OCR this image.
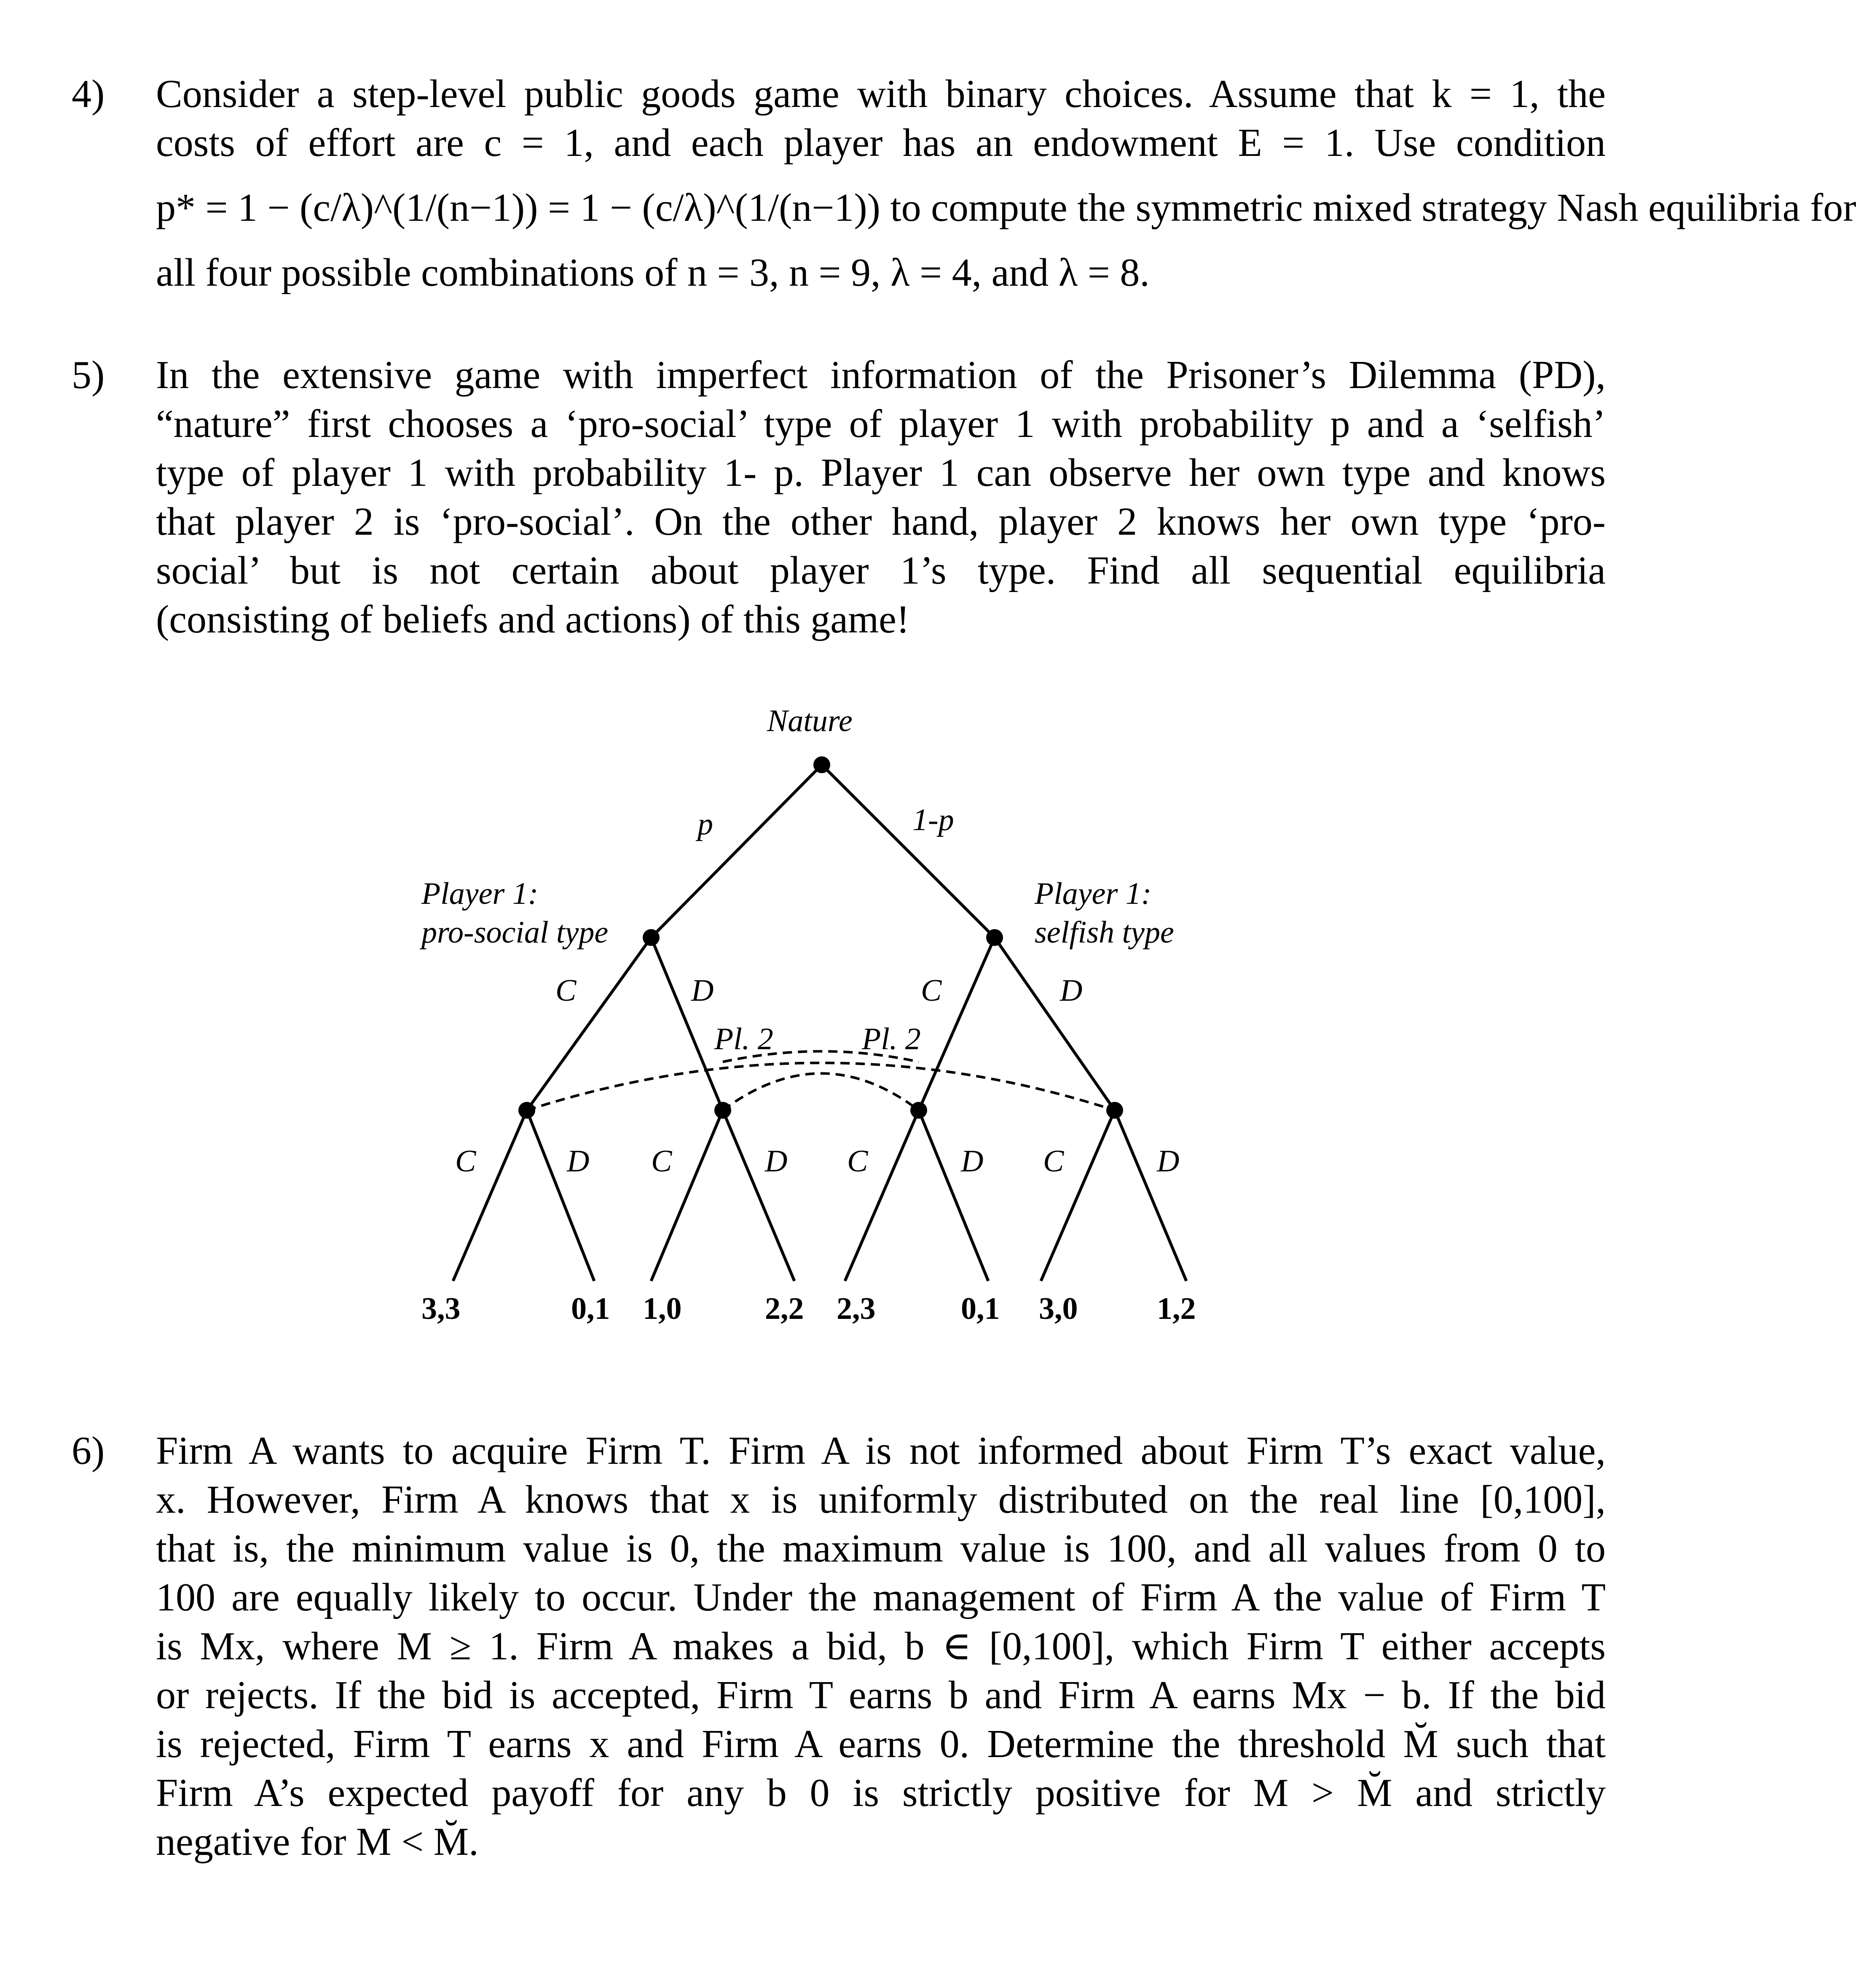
4) Consider a step-level public goods game with binary choices. Assume that k = 1, the
costs of effort are c = 1, and each player has an endowment E = 1. Use condition
p* = 1 − (c/λ)^(1/(n−1)) = 1 − (c/λ)^(1/(n−1)) to compute the symmetric mixed strategy Nash equilibria for
all four possible combinations of n = 3, n = 9, λ = 4, and λ = 8.
5) In the extensive game with imperfect information of the Prisoner’s Dilemma (PD),
“nature” first chooses a ‘pro-social’ type of player 1 with probability p and a ‘selfish’
type of player 1 with probability 1- p. Player 1 can observe her own type and knows
that player 2 is ‘pro-social’. On the other hand, player 2 knows her own type ‘pro-
social’ but is not certain about player 1’s type. Find all sequential equilibria
(consisting of beliefs and actions) of this game!
Nature
p	1-p
Player 1:
pro-social type
Player 1:
selfish type
C	D	C	D
Pl. 2	Pl. 2
C	D C	D C	D C	D
3,3	0,1 1,0	2,2 2,3	0,1 3,0	1,2
6) Firm A wants to acquire Firm T. Firm A is not informed about Firm T’s exact value,
x. However, Firm A knows that x is uniformly distributed on the real line [0,100],
that is, the minimum value is 0, the maximum value is 100, and all values from 0 to
100 are equally likely to occur. Under the management of Firm A the value of Firm T
is Mx, where M ≥ 1. Firm A makes a bid, b ∈ [0,100], which Firm T either accepts
or rejects. If the bid is accepted, Firm T earns b and Firm A earns Mx − b. If the bid
is rejected, Firm T earns x and Firm A earns 0. Determine the threshold M̆ such that
Firm A’s expected payoff for any b 0 is strictly positive for M > M̆ and strictly
negative for M < M̆.
